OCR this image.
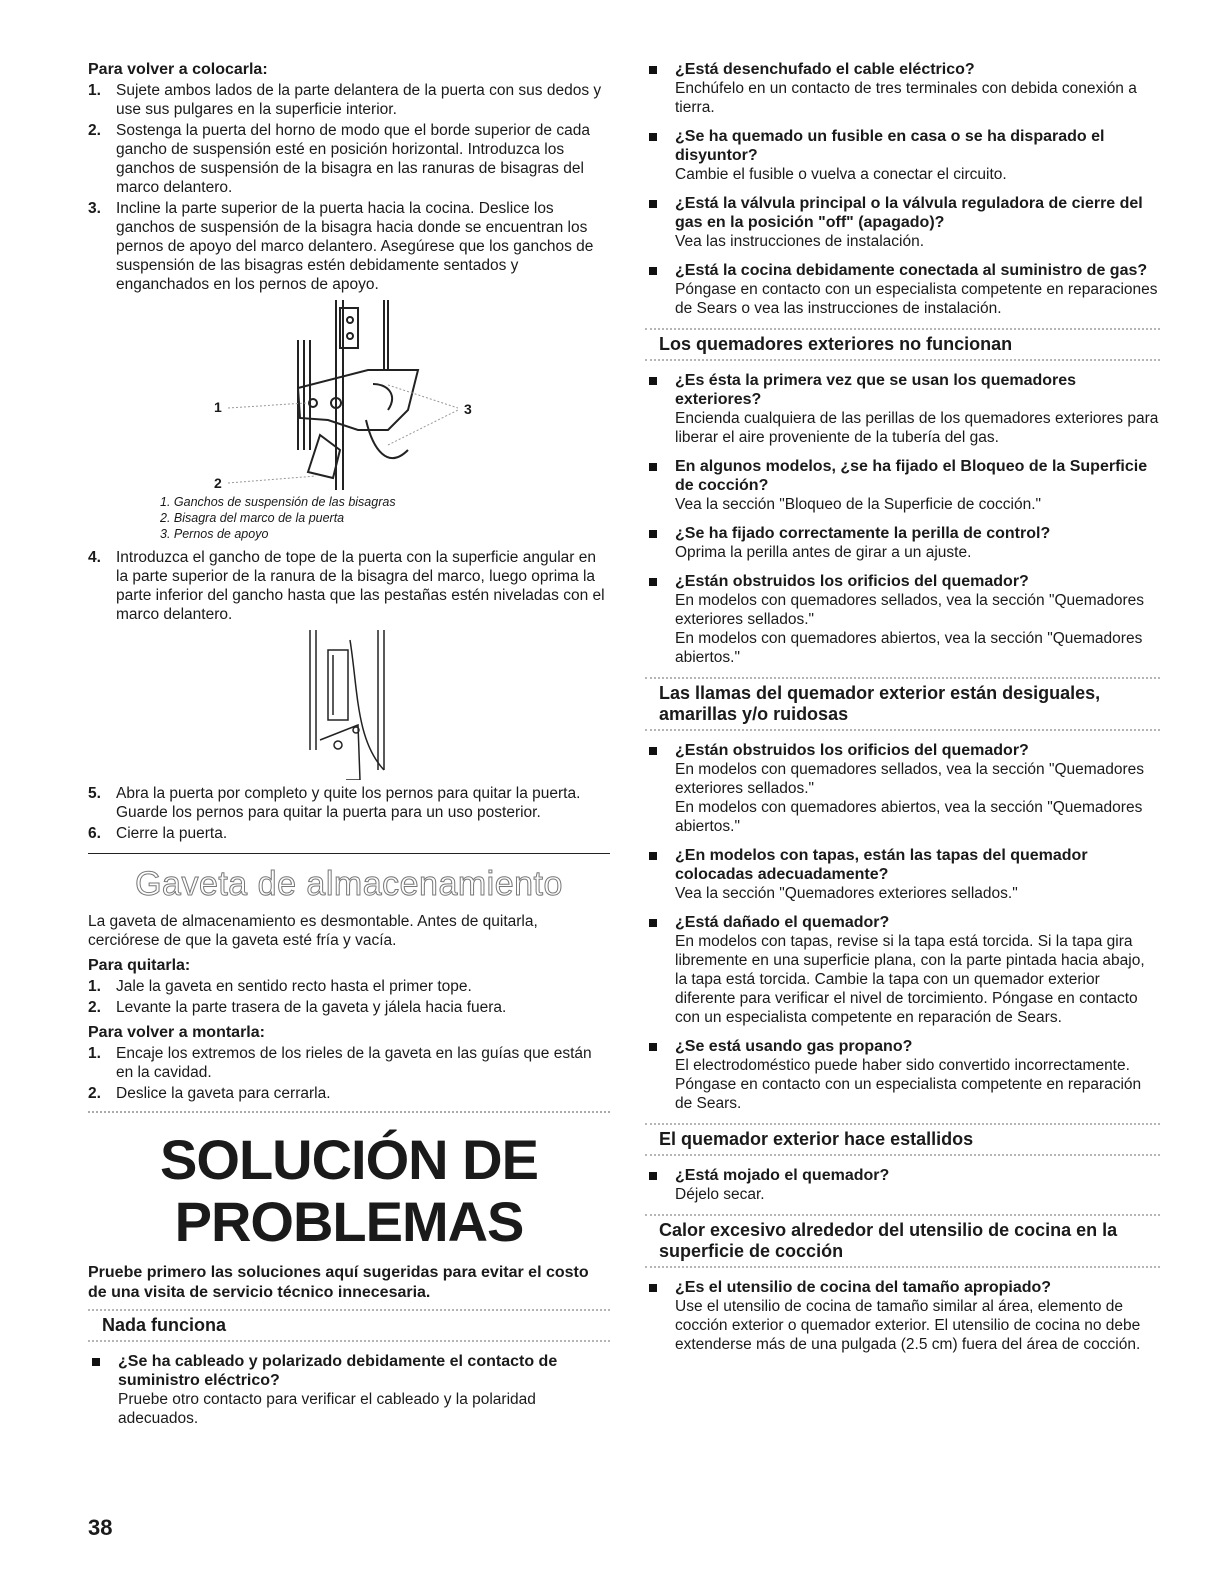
Para volver a colocarla:
1. Sujete ambos lados de la parte delantera de la puerta con sus dedos y use sus pulgares en la superficie interior.
2. Sostenga la puerta del horno de modo que el borde superior de cada gancho de suspensión esté en posición horizontal. Introduzca los ganchos de suspensión de la bisagra en las ranuras de bisagras del marco delantero.
3. Incline la parte superior de la puerta hacia la cocina. Deslice los ganchos de suspensión de la bisagra hacia donde se encuentran los pernos de apoyo del marco delantero. Asegúrese que los ganchos de suspensión de las bisagras estén debidamente sentados y enganchados en los pernos de apoyo.
1
2
3
1. Ganchos de suspensión de las bisagras
2. Bisagra del marco de la puerta
3. Pernos de apoyo
4. Introduzca el gancho de tope de la puerta con la superficie angular en la parte superior de la ranura de la bisagra del marco, luego oprima la parte inferior del gancho hasta que las pestañas estén niveladas con el marco delantero.
5. Abra la puerta por completo y quite los pernos para quitar la puerta. Guarde los pernos para quitar la puerta para un uso posterior.
6. Cierre la puerta.
Gaveta de almacenamiento
La gaveta de almacenamiento es desmontable. Antes de quitarla, cerciórese de que la gaveta esté fría y vacía.
Para quitarla:
1. Jale la gaveta en sentido recto hasta el primer tope.
2. Levante la parte trasera de la gaveta y jálela hacia fuera.
Para volver a montarla:
1. Encaje los extremos de los rieles de la gaveta en las guías que están en la cavidad.
2. Deslice la gaveta para cerrarla.
SOLUCIÓN DE
PROBLEMAS
Pruebe primero las soluciones aquí sugeridas para evitar el costo de una visita de servicio técnico innecesaria.
Nada funciona
¿Se ha cableado y polarizado debidamente el contacto de suministro eléctrico?
Pruebe otro contacto para verificar el cableado y la polaridad adecuados.
¿Está desenchufado el cable eléctrico?
Enchúfelo en un contacto de tres terminales con debida conexión a tierra.
¿Se ha quemado un fusible en casa o se ha disparado el disyuntor?
Cambie el fusible o vuelva a conectar el circuito.
¿Está la válvula principal o la válvula reguladora de cierre del gas en la posición "off" (apagado)?
Vea las instrucciones de instalación.
¿Está la cocina debidamente conectada al suministro de gas?
Póngase en contacto con un especialista competente en reparaciones de Sears o vea las instrucciones de instalación.
Los quemadores exteriores no funcionan
¿Es ésta la primera vez que se usan los quemadores exteriores?
Encienda cualquiera de las perillas de los quemadores exteriores para liberar el aire proveniente de la tubería del gas.
En algunos modelos, ¿se ha fijado el Bloqueo de la Superficie de cocción?
Vea la sección "Bloqueo de la Superficie de cocción."
¿Se ha fijado correctamente la perilla de control?
Oprima la perilla antes de girar a un ajuste.
¿Están obstruidos los orificios del quemador?
En modelos con quemadores sellados, vea la sección "Quemadores exteriores sellados."
En modelos con quemadores abiertos, vea la sección "Quemadores abiertos."
Las llamas del quemador exterior están desiguales, amarillas y/o ruidosas
¿Están obstruidos los orificios del quemador?
En modelos con quemadores sellados, vea la sección "Quemadores exteriores sellados."
En modelos con quemadores abiertos, vea la sección "Quemadores abiertos."
¿En modelos con tapas, están las tapas del quemador colocadas adecuadamente?
Vea la sección "Quemadores exteriores sellados."
¿Está dañado el quemador?
En modelos con tapas, revise si la tapa está torcida. Si la tapa gira libremente en una superficie plana, con la parte pintada hacia abajo, la tapa está torcida. Cambie la tapa con un quemador exterior diferente para verificar el nivel de torcimiento. Póngase en contacto con un especialista competente en reparación de Sears.
¿Se está usando gas propano?
El electrodoméstico puede haber sido convertido incorrectamente. Póngase en contacto con un especialista competente en reparación de Sears.
El quemador exterior hace estallidos
¿Está mojado el quemador?
Déjelo secar.
Calor excesivo alrededor del utensilio de cocina en la superficie de cocción
¿Es el utensilio de cocina del tamaño apropiado?
Use el utensilio de cocina de tamaño similar al área, elemento de cocción exterior o quemador exterior. El utensilio de cocina no debe extenderse más de una pulgada (2.5 cm) fuera del área de cocción.
38
